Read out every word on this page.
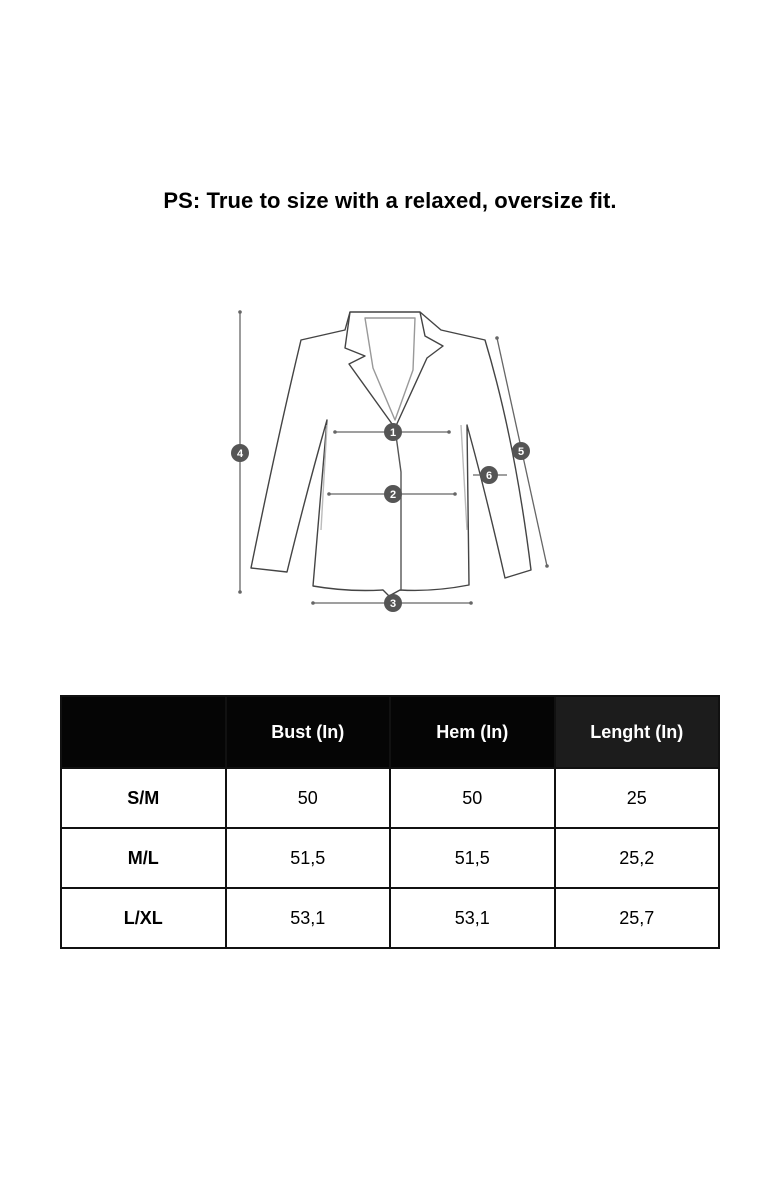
PS: True to size with a relaxed, oversize fit.
1
2
3
4	5
6
	Bust (In)	Hem (In)	Lenght (In)
S/M	50	50	25
M/L	51,5	51,5	25,2
L/XL	53,1	53,1	25,7
